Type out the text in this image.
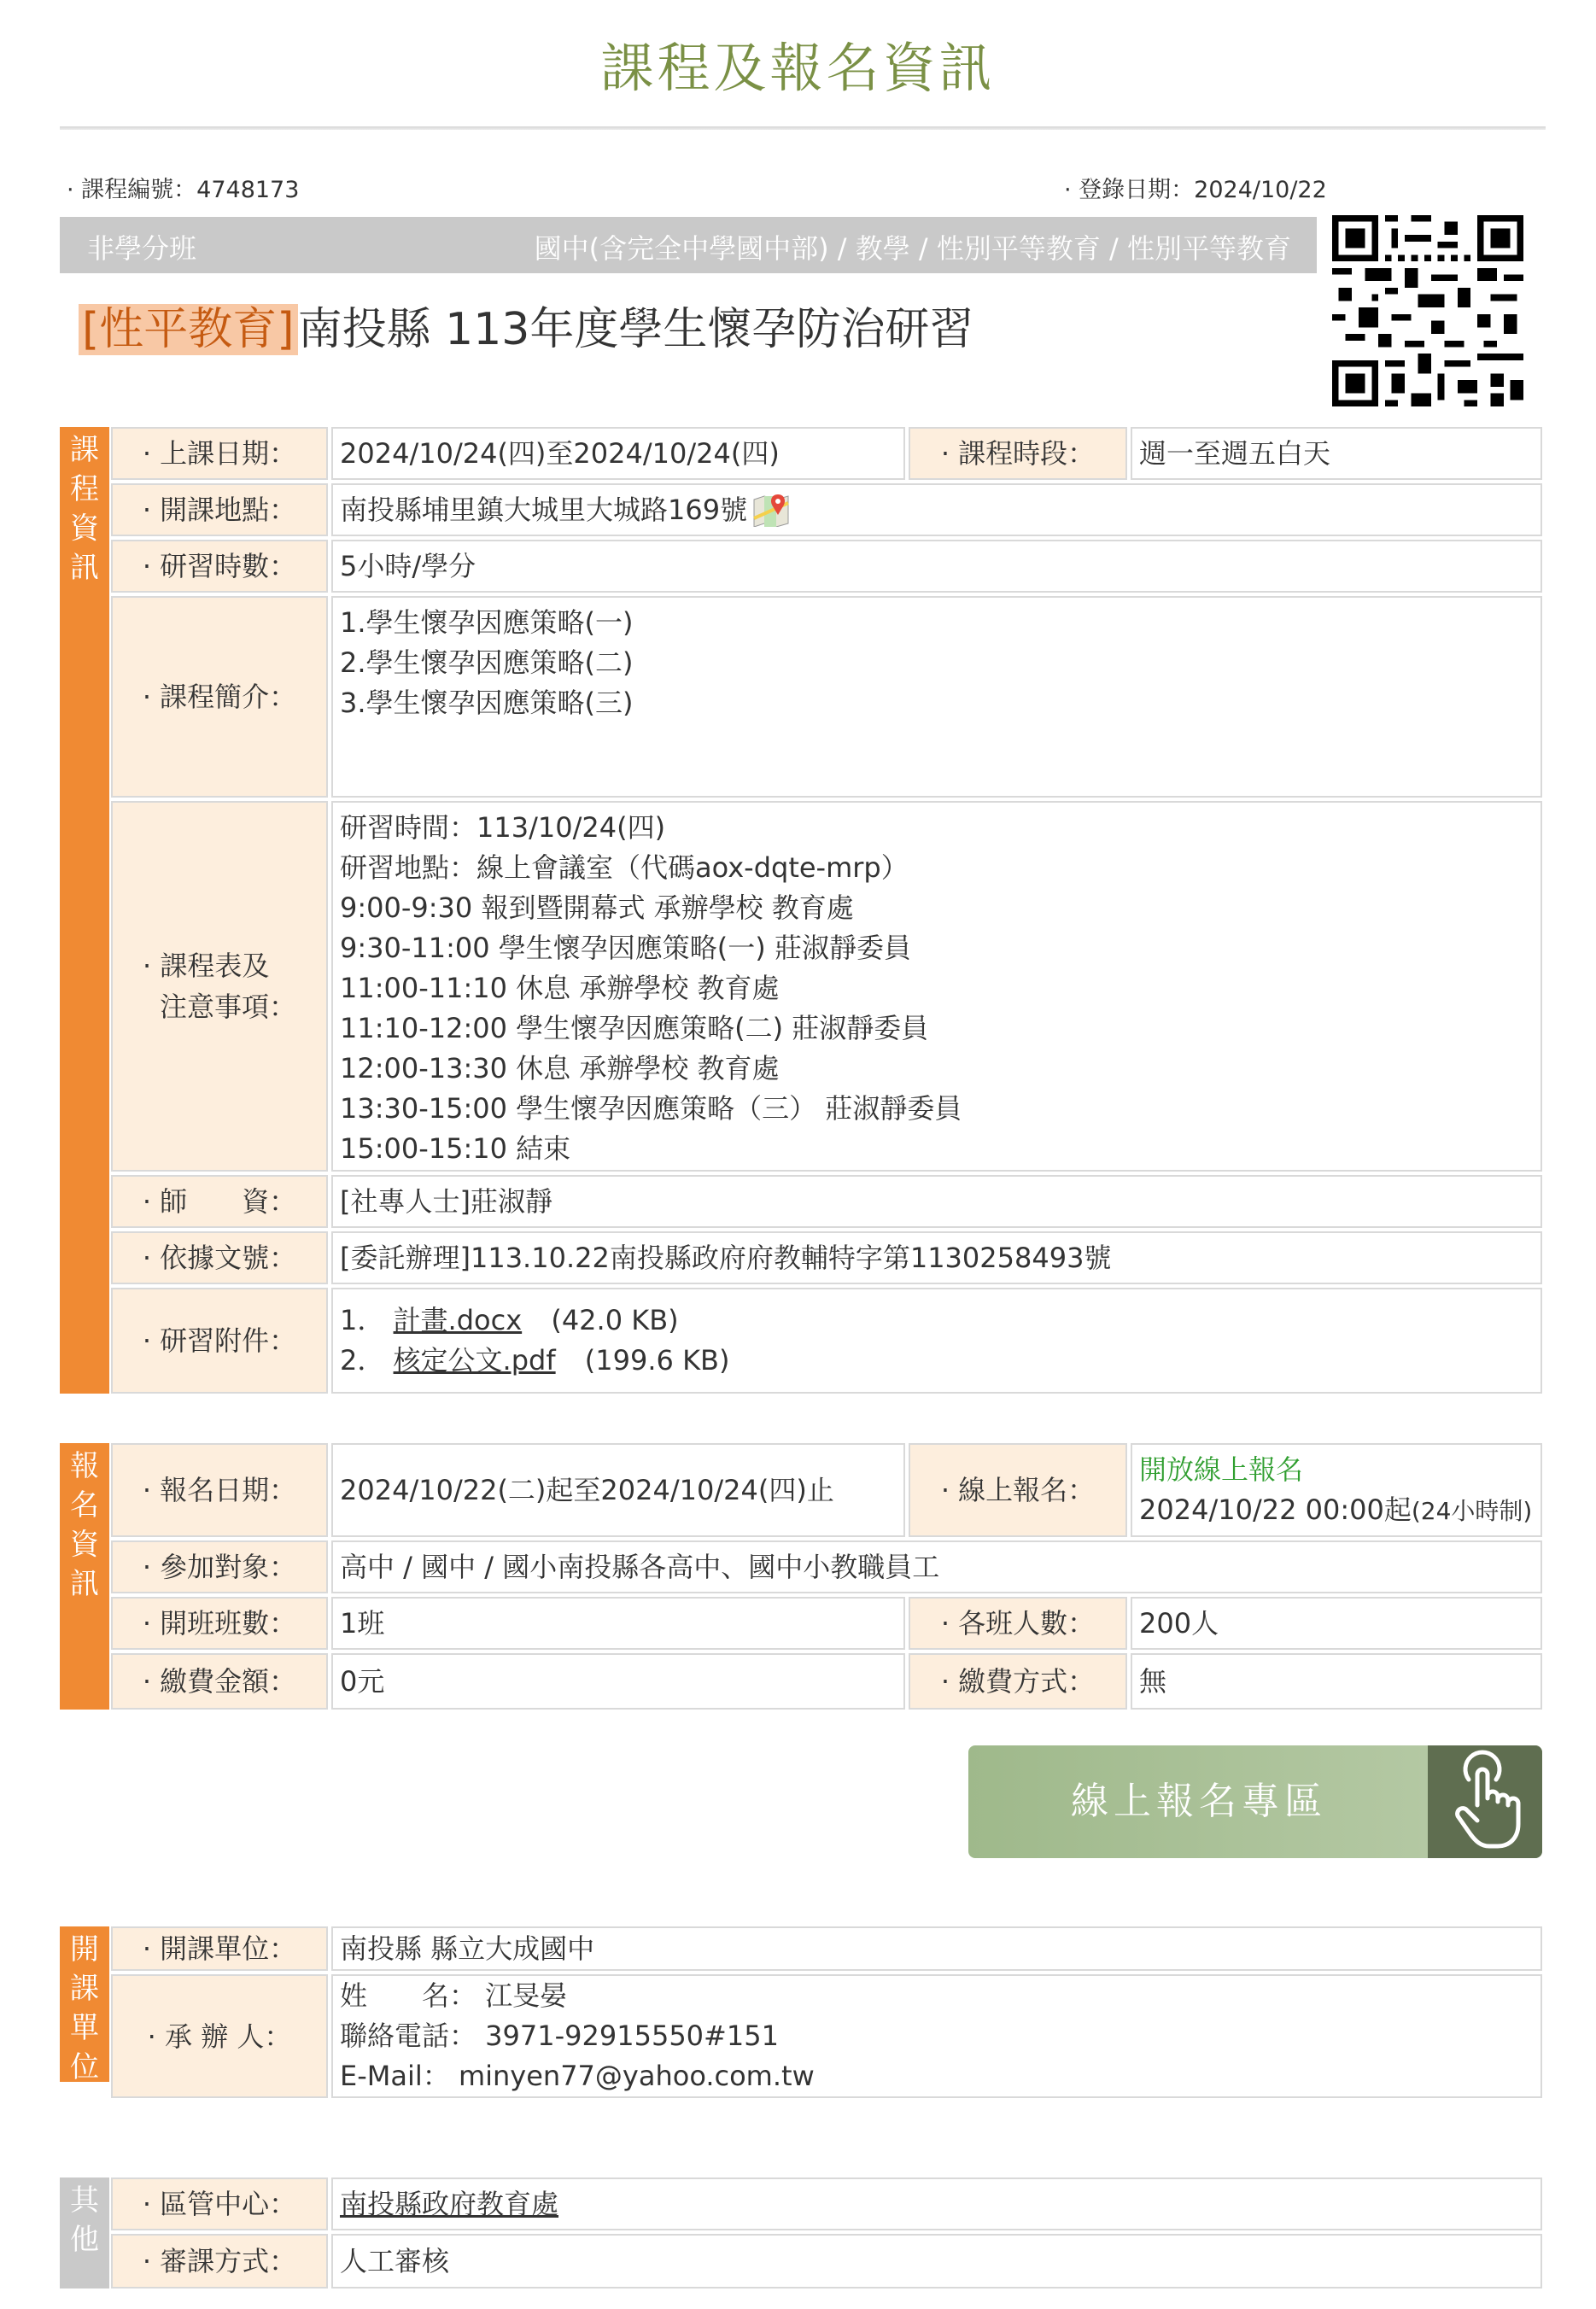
課程及報名資訊
· 課程編號：4748173	· 登錄日期：2024/10/22
非學分班	國中(含完全中學國中部) / 教學 / 性別平等教育 / 性別平等教育
[性平教育]南投縣 113年度學生懷孕防治研習
課
程
資
訊
· 上課日期：	2024/10/24(四)至2024/10/24(四)	· 課程時段：	週一至週五白天
· 開課地點：	南投縣埔里鎮大城里大城路169號
· 研習時數：	5小時/學分
· 課程簡介：
1.學生懷孕因應策略(一)
2.學生懷孕因應策略(二)
3.學生懷孕因應策略(三)
· 課程表及
注意事項：
研習時間：113/10/24(四)
研習地點：線上會議室（代碼aox-dqte-mrp）
9:00-9:30 報到暨開幕式 承辦學校 教育處
9:30-11:00 學生懷孕因應策略(一) 莊淑靜委員
11:00-11:10 休息 承辦學校 教育處
11:10-12:00 學生懷孕因應策略(二) 莊淑靜委員
12:00-13:30 休息 承辦學校 教育處
13:30-15:00 學生懷孕因應策略（三） 莊淑靜委員
15:00-15:10 結束
· 師　　資：	[社專人士]莊淑靜
· 依據文號：	[委託辦理]113.10.22南投縣政府府教輔特字第1130258493號
· 研習附件：
1． 計畫.docx (42.0 KB)
2． 核定公文.pdf (199.6 KB)
報
名
資
訊
· 報名日期：	2024/10/22(二)起至2024/10/24(四)止	· 線上報名：
開放線上報名
2024/10/22 00:00起(24小時制)
· 參加對象：	高中 / 國中 / 國小南投縣各高中、國中小教職員工
· 開班班數：	1班	· 各班人數：	200人
· 繳費金額：	0元	· 繳費方式：	無
線上報名專區
開
課
單
位
· 開課單位：	南投縣 縣立大成國中
· 承 辦 人：
姓　　名： 江旻晏
聯絡電話： 3971-92915550#151
E-Mail： minyen77@yahoo.com.tw
其
他
· 區管中心：	南投縣政府教育處
· 審課方式：	人工審核
